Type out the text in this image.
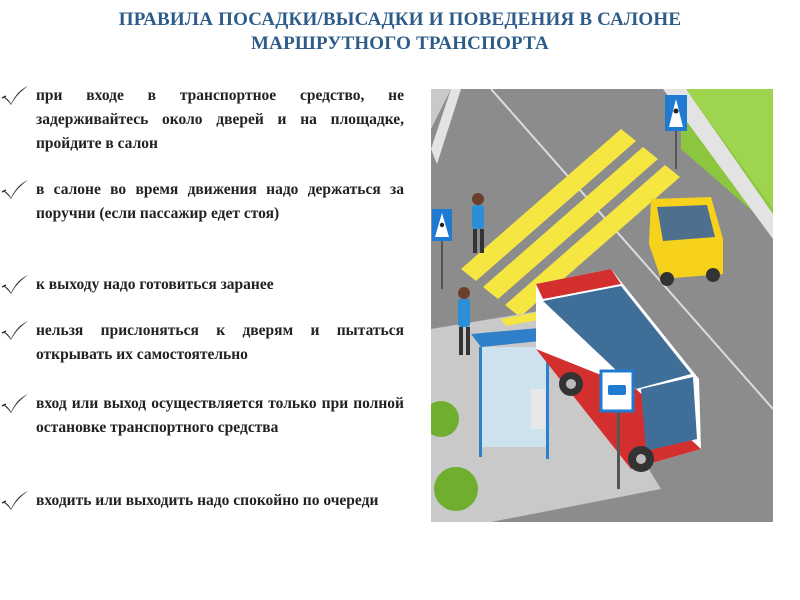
ПРАВИЛА ПОСАДКИ/ВЫСАДКИ И ПОВЕДЕНИЯ В САЛОНЕ МАРШРУТНОГО ТРАНСПОРТА
при входе в транспортное средство, не задерживайтесь около дверей и на площадке, пройдите в салон
в салоне во время движения надо держаться за поручни (если пассажир едет стоя)
к выходу надо готовиться заранее
нельзя прислоняться к дверям и пытаться открывать их самостоятельно
вход или выход осуществляется только при полной остановке транспортного средства
входить или выходить надо спокойно по очереди
